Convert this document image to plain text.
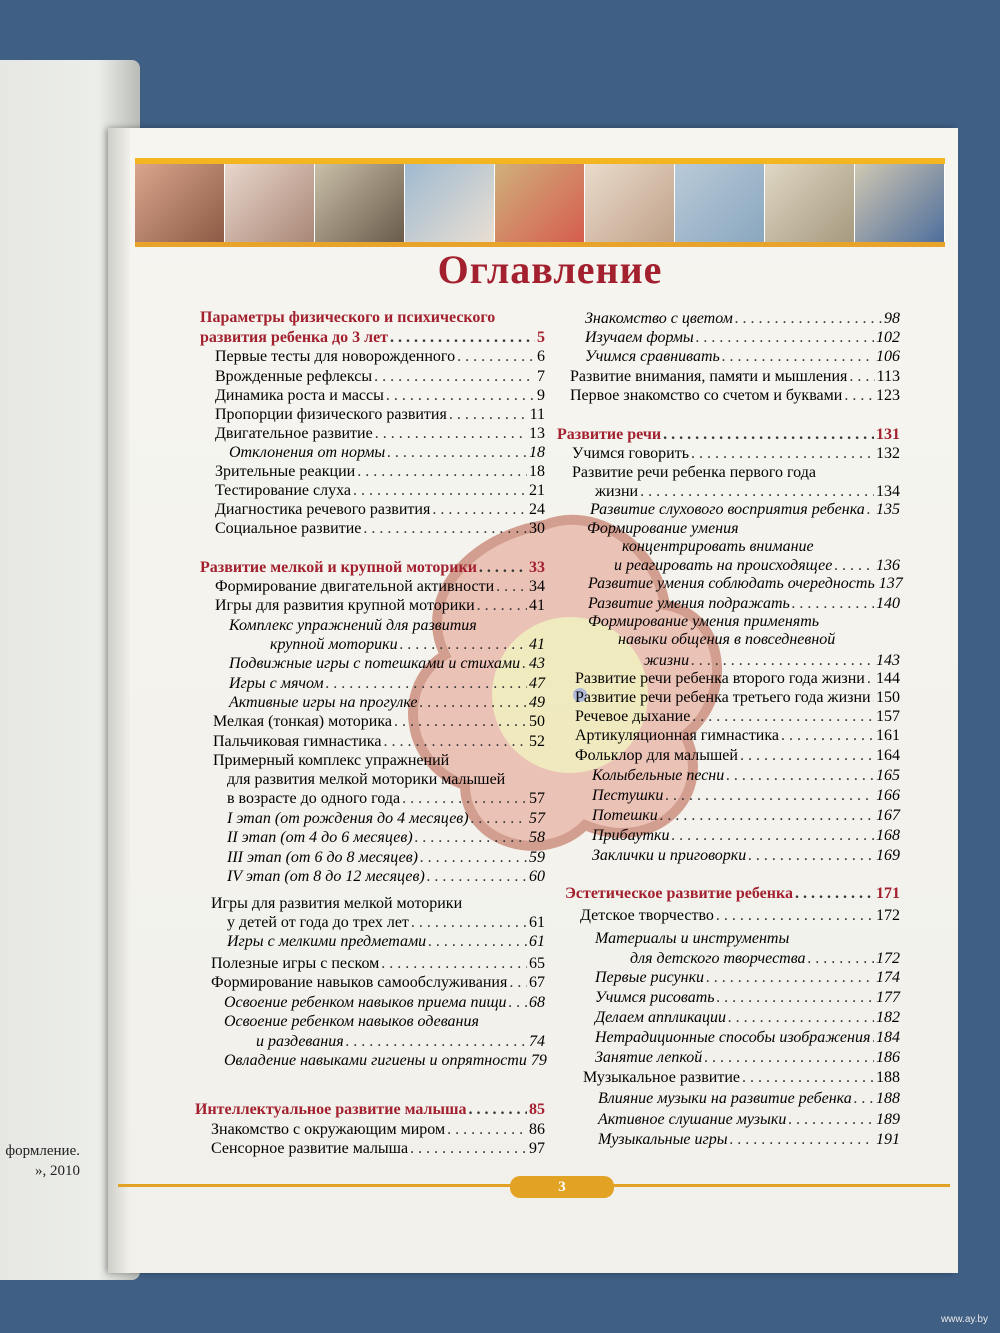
формление.
», 2010
Оглавление
Параметры физического и психического
развития ребенка до 3 лет . . .	5
Первые тесты для новорожденного . . .	6
Врожденные рефлексы . . .	7
Динамика роста и массы . . .	9
Пропорции физического развития . . .	11
Двигательное развитие . . .	13
Отклонения от нормы . . .	18
Зрительные реакции . . .	18
Тестирование слуха . . .	21
Диагностика речевого развития . . .	24
Социальное развитие . . .	30
Развитие мелкой и крупной моторики . . .	33
Формирование двигательной активности . . . 34
Игры для развития крупной моторики . . .	41
Комплекс упражнений для развития
крупной моторики . . .	41
Подвижные игры с потешками и стихами . . . 43
Игры с мячом . . .	47
Активные игры на прогулке . . .	49
Мелкая (тонкая) моторика . . .	50
Пальчиковая гимнастика . . .	52
Примерный комплекс упражнений
для развития мелкой моторики малышей
в возрасте до одного года . . .	57
I этап (от рождения до 4 месяцев) . . .	57
II этап (от 4 до 6 месяцев) . . .	58
III этап (от 6 до 8 месяцев) . . .	59
IV этап (от 8 до 12 месяцев) . . .	60
Игры для развития мелкой моторики
у детей от года до трех лет . . .	61
Игры с мелкими предметами . . .	61
Полезные игры с песком . . .	65
Формирование навыков самообслуживания . . . 67
Освоение ребенком навыков приема пищи . . . 68
Освоение ребенком навыков одевания
и раздевания . . .	74
Овладение навыками гигиены и опрятности 79
Интеллектуальное развитие малыша . . .	85
Знакомство с окружающим миром . . .	86
Сенсорное развитие малыша . . .	97
Знакомство с цветом . . .	98
Изучаем формы . . .	102
Учимся сравнивать . . .	106
Развитие внимания, памяти и мышления . . . 113
Первое знакомство со счетом и буквами . . . 123
Развитие речи . . .	131
Учимся говорить . . .	132
Развитие речи ребенка первого года
жизни . . .	134
Развитие слухового восприятия ребенка . . . 135
Формирование умения
концентрировать внимание
и реагировать на происходящее . . .	136
Развитие умения соблюдать очередность 137
Развитие умения подражать . . .	140
Формирование умения применять
навыки общения в повседневной
жизни . . .	143
Развитие речи ребенка второго года жизни . . . 144
Развитие речи ребенка третьего года жизни . . . 150
Речевое дыхание . . .	157
Артикуляционная гимнастика . . .	161
Фольклор для малышей . . .	164
Колыбельные песни . . .	165
Пестушки . . .	166
Потешки . . .	167
Прибаутки . . .	168
Заклички и приговорки . . .	169
Эстетическое развитие ребенка . . .	171
Детское творчество . . .	172
Материалы и инструменты
для детского творчества . . .	172
Первые рисунки . . .	174
Учимся рисовать . . .	177
Делаем аппликации . . .	182
Нетрадиционные способы изображения . . . 184
Занятие лепкой . . .	186
Музыкальное развитие . . .	188
Влияние музыки на развитие ребенка . . . 188
Активное слушание музыки . . .	189
Музыкальные игры . . .	191
3
www.ay.by
